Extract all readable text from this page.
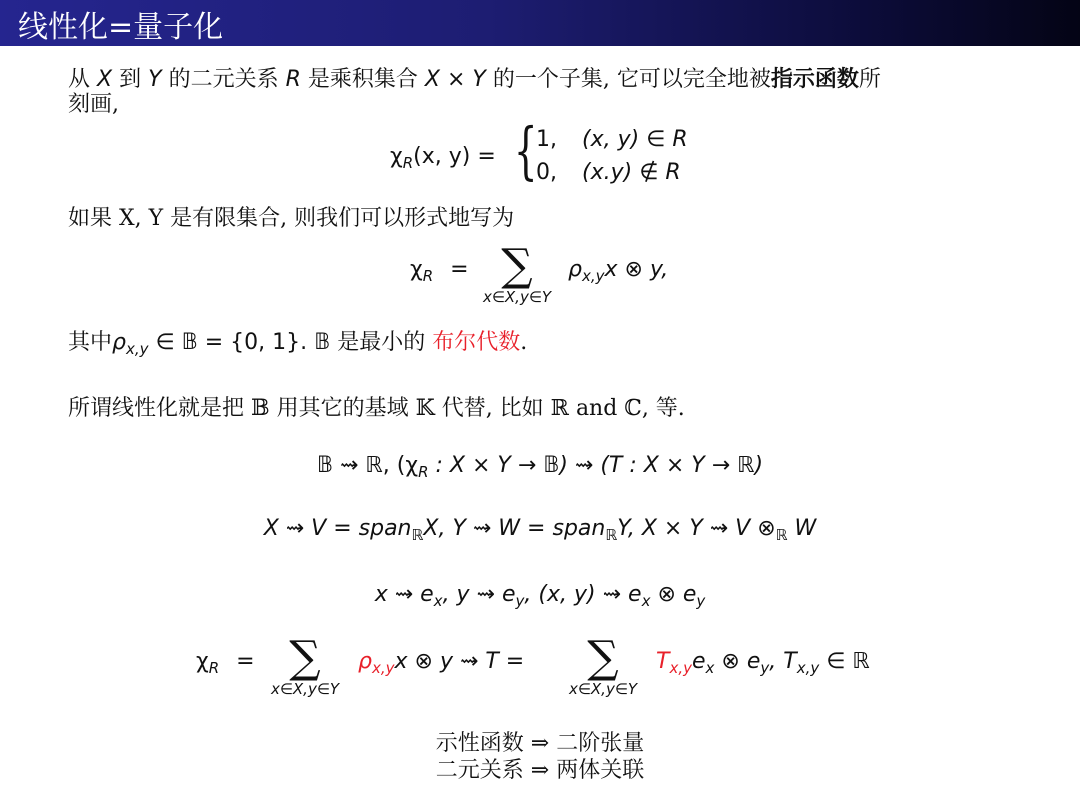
线性化=量子化
从 X 到 Y 的二元关系 R 是乘积集合 X × Y 的一个子集, 它可以完全地被指示函数所
刻画,
$\chi_R(x$, y) = {
1, (x, y) ∈ R
0, (x.y) ∉ R
如果 X, Y 是有限集合, 则我们可以形式地写为
$\chi_R$ = ∑
x∈X,y∈Y
$\rho_{x,y}x$ ⊗ y,
其中$\rho_{x,y}$ ∈ 𝔹 = {0, 1}. 𝔹 是最小的 布尔代数.
所谓线性化就是把 𝔹 用其它的基域 𝕂 代替, 比如 ℝ and ℂ, 等.
𝔹 ⇝ ℝ, ($\chi_R$ : X × Y → 𝔹) ⇝ (T : X × Y → ℝ)
X ⇝ V = span$_ℝ$X, Y ⇝ W = span$_ℝ$Y, X × Y ⇝ V $\otimes_ℝ$ W
x ⇝ $e_x$, y ⇝ $e_y$, (x, y) ⇝ $e_x$ ⊗ $e_y$
$\chi_R$ = ∑
x∈X,y∈Y
$\rho_{x,y}x$ ⊗ y ⇝ T =	∑
x∈X,y∈Y
$T_{x,y}e_x$ ⊗ $e_y$, $T_{x,y}$ ∈ ℝ
示性函数 ⇒ 二阶张量
二元关系 ⇒ 两体关联
